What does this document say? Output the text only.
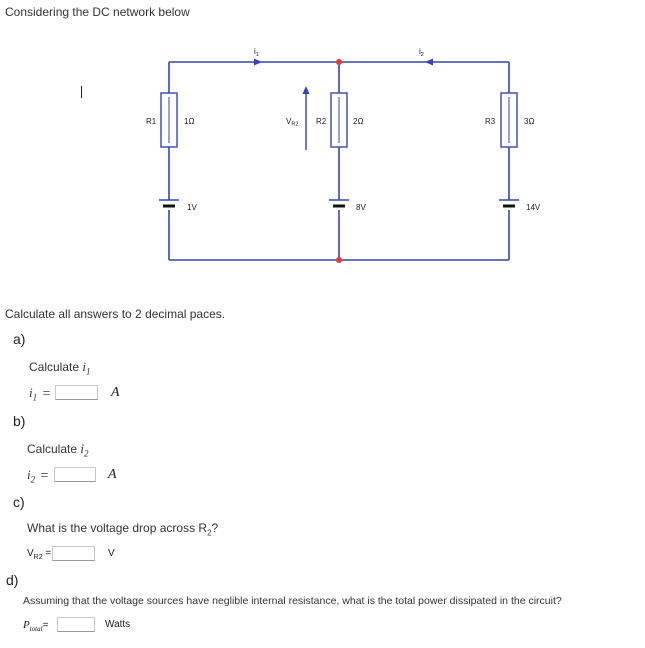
Considering the DC network below
R1	1Ω	R2	2Ω	R3	3Ω
1V	8V	14V
VR2
$i_1$	$i_2$
Calculate all answers to 2 decimal paces.
a)
Calculate $i_1$
$i_1$ =	A
b)
Calculate $i_2$
$i_2$ =	A
c)
What is the voltage drop across $R_2$?
$V_{R2}$ =	V
d)
Assuming that the voltage sources have neglible internal resistance, what is the total power dissipated in the circuit?
$P_{total}=$	Watts
